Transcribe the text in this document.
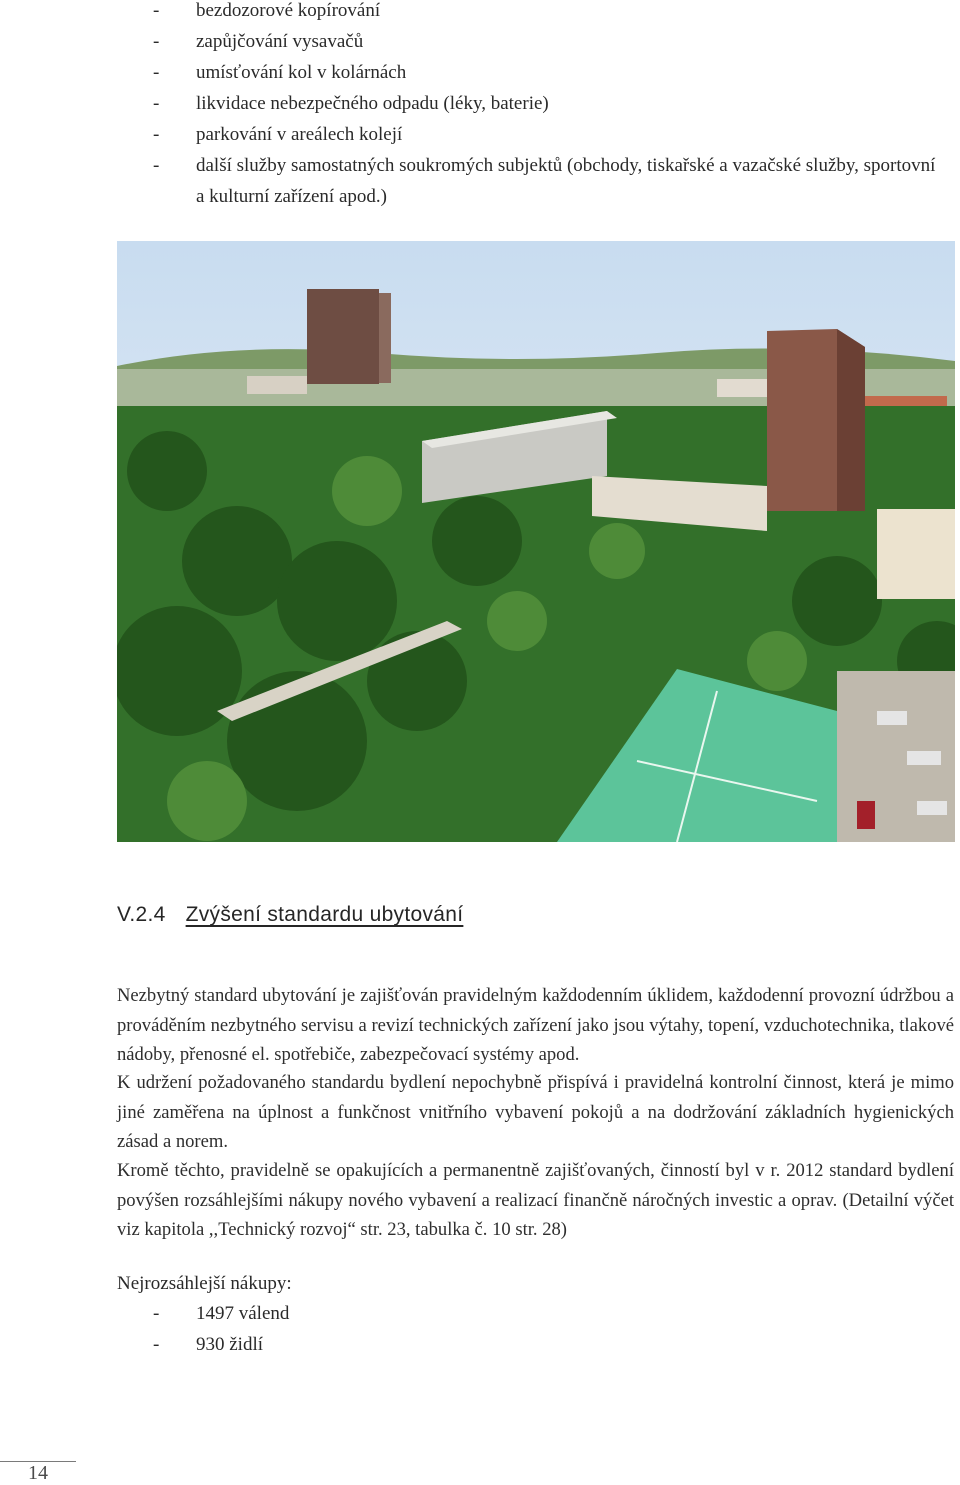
- bezdozorové kopírování
- zapůjčování vysavačů
- umísťování kol v kolárnách
- likvidace nebezpečného odpadu (léky, baterie)
- parkování v areálech kolejí
- další služby samostatných soukromých subjektů (obchody, tiskařské a vazačské služby, sportovní a kulturní zařízení apod.)
V.2.4 Zvýšení standardu ubytování

Nezbytný standard ubytování je zajišťován pravidelným každodenním úklidem, každodenní provozní údržbou a prováděním nezbytného servisu a revizí technických zařízení jako jsou výtahy, topení, vzduchotechnika, tlakové nádoby, přenosné el. spotřebiče, zabezpečovací systémy apod.

K udržení požadovaného standardu bydlení nepochybně přispívá i pravidelná kontrolní činnost, která je mimo jiné zaměřena na úplnost a funkčnost vnitřního vybavení pokojů a na dodržování základních hygienických zásad a norem.

Kromě těchto, pravidelně se opakujících a permanentně zajišťovaných, činností byl v r. 2012 standard bydlení povýšen rozsáhlejšími nákupy nového vybavení a realizací finančně náročných investic a oprav. (Detailní výčet viz kapitola ,,Technický rozvoj“ str. 23, tabulka č. 10 str. 28)

Nejrozsáhlejší nákupy:

- 1497 válend
- 930 židlí
14
